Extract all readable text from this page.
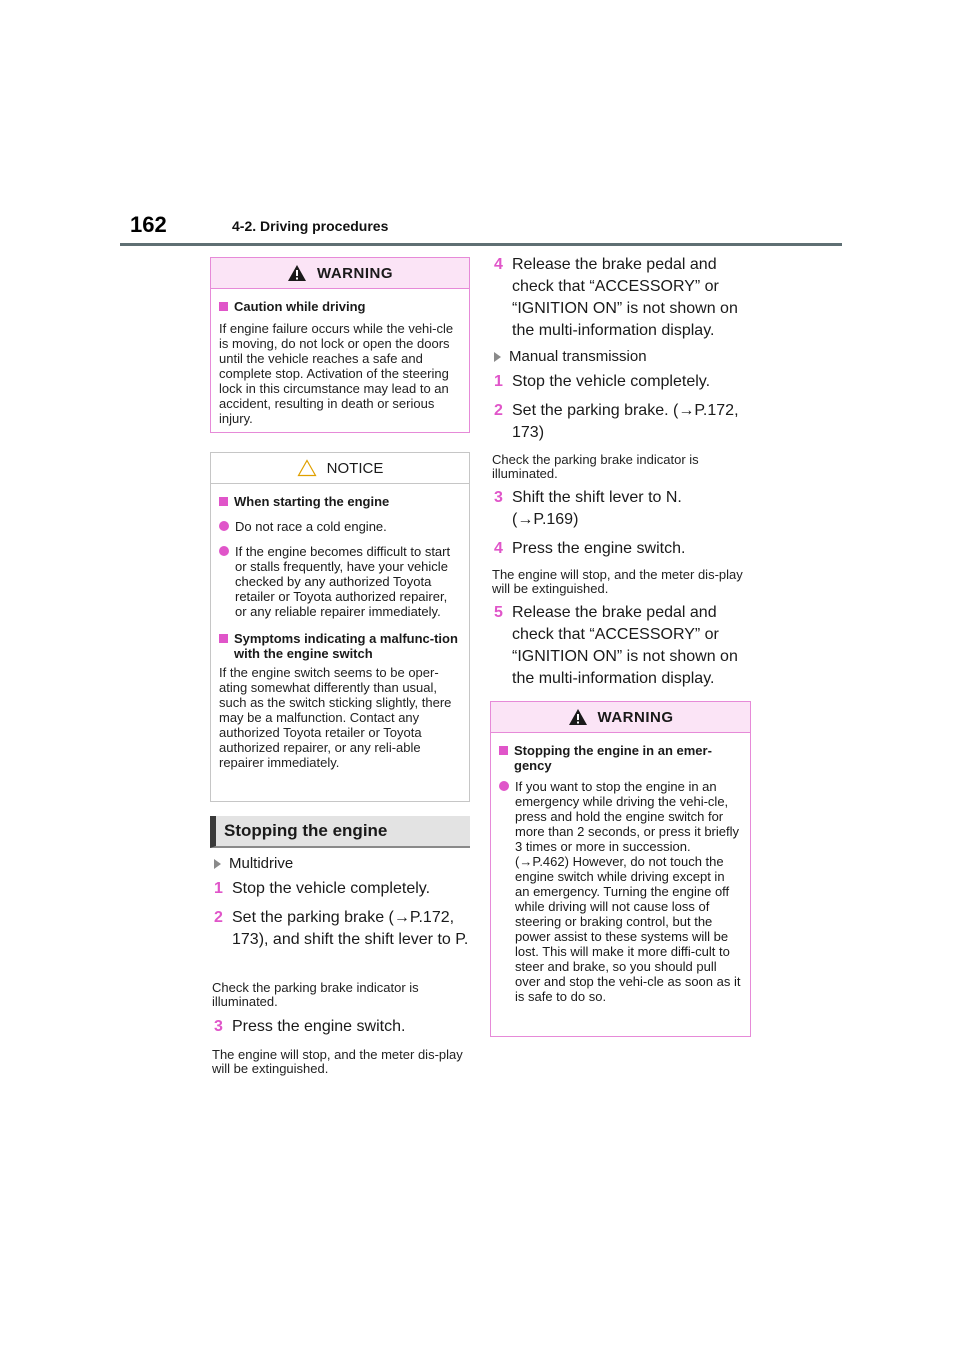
162	4-2. Driving procedures
WARNING
Caution while driving
If engine failure occurs while the vehi-cle is moving, do not lock or open the doors until the vehicle reaches a safe and complete stop. Activation of the steering lock in this circumstance may lead to an accident, resulting in death or serious injury.
NOTICE
When starting the engine
Do not race a cold engine.
If the engine becomes difficult to start or stalls frequently, have your vehicle checked by any authorized Toyota retailer or Toyota authorized repairer, or any reliable repairer immediately.
Symptoms indicating a malfunc-tion with the engine switch
If the engine switch seems to be oper-ating somewhat differently than usual, such as the switch sticking slightly, there may be a malfunction. Contact any authorized Toyota retailer or Toyota authorized repairer, or any reli-able repairer immediately.
Stopping the engine
Multidrive
1 Stop the vehicle completely.
2 Set the parking brake (→P.172, 173), and shift the shift lever to P.
Check the parking brake indicator is illuminated.
3 Press the engine switch.
The engine will stop, and the meter dis-play will be extinguished.
4 Release the brake pedal and check that “ACCESSORY” or “IGNITION ON” is not shown on the multi-information display.
Manual transmission
1 Stop the vehicle completely.
2 Set the parking brake. (→P.172, 173)
Check the parking brake indicator is illuminated.
3 Shift the shift lever to N. (→P.169)
4 Press the engine switch.
The engine will stop, and the meter dis-play will be extinguished.
5 Release the brake pedal and check that “ACCESSORY” or “IGNITION ON” is not shown on the multi-information display.
WARNING
Stopping the engine in an emer-gency
If you want to stop the engine in an emergency while driving the vehi-cle, press and hold the engine switch for more than 2 seconds, or press it briefly 3 times or more in succession. (→P.462) However, do not touch the engine switch while driving except in an emergency. Turning the engine off while driving will not cause loss of steering or braking control, but the power assist to these systems will be lost. This will make it more diffi-cult to steer and brake, so you should pull over and stop the vehi-cle as soon as it is safe to do so.
